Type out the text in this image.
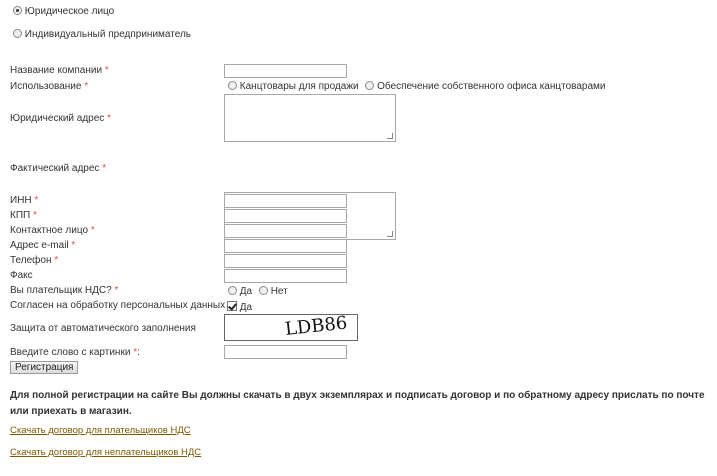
Юридическое лицо
Индивидуальный предприниматель
Название компании *
Использование *	Канцтовары для продажи Обеспечение собственного офиса канцтоварами
Юридический адрес *
Фактический адрес *
ИНН *
КПП *
Контактное лицо *
Адрес e-mail *
Телефон *
Факс
Вы плательщик НДС? *	Да Нет
Согласен на обработку персональных данных	Да
Защита от автоматического заполнения	LDB86
Введите слово с картинки *:
Регистрация
Для полной регистрации на сайте Вы должны скачать в двух экземплярах и подписать договор и по обратному адресу прислать по почте или приехать в магазин.
Скачать договор для плательщиков НДС
Скачать договор для неплательщиков НДС
